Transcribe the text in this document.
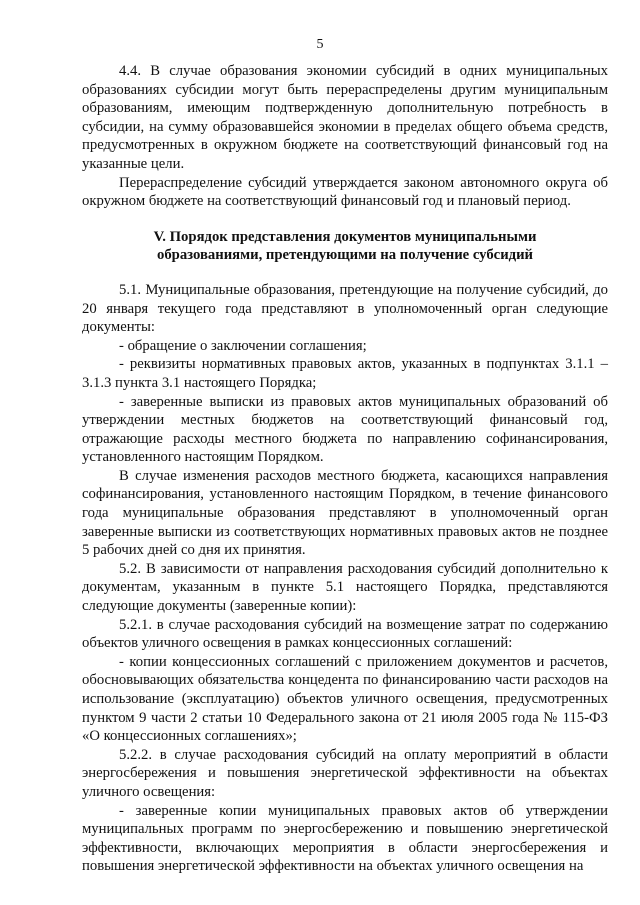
5

4.4. В случае образования экономии субсидий в одних муниципальных образованиях субсидии могут быть перераспределены другим муниципальным образованиям, имеющим подтвержденную дополнительную потребность в субсидии, на сумму образовавшейся экономии в пределах общего объема средств, предусмотренных в окружном бюджете на соответствующий финансовый год на указанные цели.

Перераспределение субсидий утверждается законом автономного округа об окружном бюджете на соответствующий финансовый год и плановый период.

V. Порядок представления документов муниципальными
образованиями, претендующими на получение субсидий

5.1. Муниципальные образования, претендующие на получение субсидий, до 20 января текущего года представляют в уполномоченный орган следующие документы:

- обращение о заключении соглашения;

- реквизиты нормативных правовых актов, указанных в подпунктах 3.1.1 – 3.1.3 пункта 3.1 настоящего Порядка;

- заверенные выписки из правовых актов муниципальных образований об утверждении местных бюджетов на соответствующий финансовый год, отражающие расходы местного бюджета по направлению софинансирования, установленного настоящим Порядком.

В случае изменения расходов местного бюджета, касающихся направления софинансирования, установленного настоящим Порядком, в течение финансового года муниципальные образования представляют в уполномоченный орган заверенные выписки из соответствующих нормативных правовых актов не позднее 5 рабочих дней со дня их принятия.

5.2. В зависимости от направления расходования субсидий дополнительно к документам, указанным в пункте 5.1 настоящего Порядка, представляются следующие документы (заверенные копии):

5.2.1. в случае расходования субсидий на возмещение затрат по содержанию объектов уличного освещения в рамках концессионных соглашений:

- копии концессионных соглашений с приложением документов и расчетов, обосновывающих обязательства концедента по финансированию части расходов на использование (эксплуатацию) объектов уличного освещения, предусмотренных пунктом 9 части 2 статьи 10 Федерального закона от 21 июля 2005 года № 115-ФЗ «О концессионных соглашениях»;

5.2.2. в случае расходования субсидий на оплату мероприятий в области энергосбережения и повышения энергетической эффективности на объектах уличного освещения:

- заверенные копии муниципальных правовых актов об утверждении муниципальных программ по энергосбережению и повышению энергетической эффективности, включающих мероприятия в области энергосбережения и повышения энергетической эффективности на объектах уличного освещения на
